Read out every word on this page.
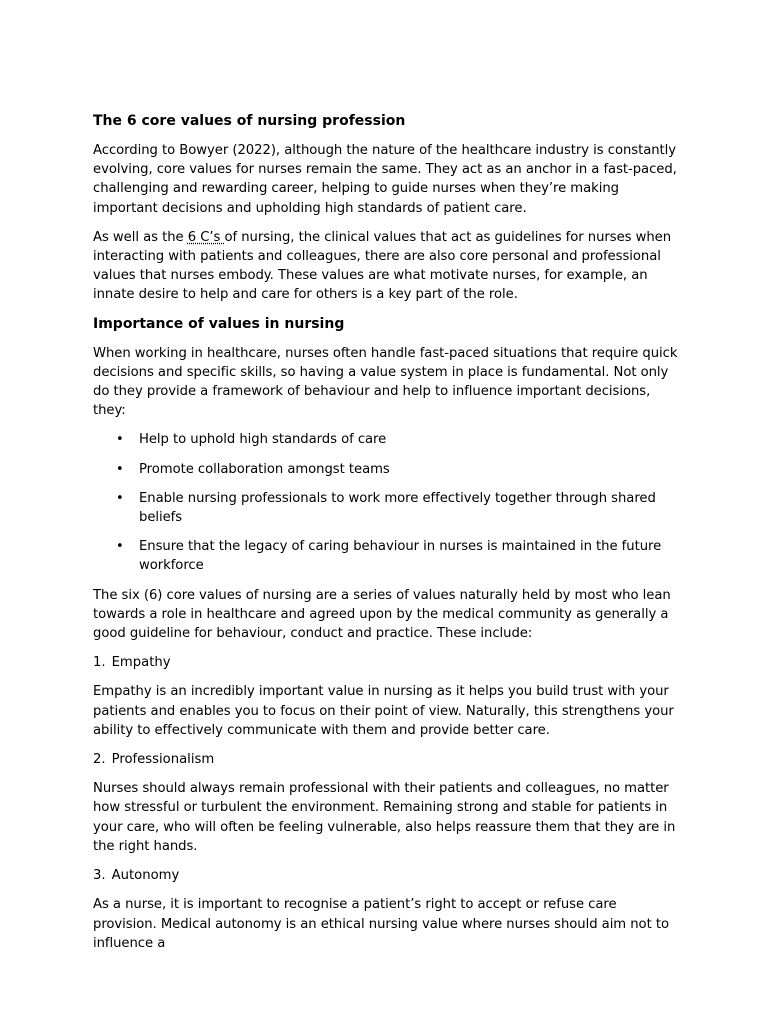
The 6 core values of nursing profession

According to Bowyer (2022), although the nature of the healthcare industry is constantly evolving, core values for nurses remain the same. They act as an anchor in a fast-paced, challenging and rewarding career, helping to guide nurses when they’re making important decisions and upholding high standards of patient care.

As well as the 6 C’s of nursing, the clinical values that act as guidelines for nurses when interacting with patients and colleagues, there are also core personal and professional values that nurses embody. These values are what motivate nurses, for example, an innate desire to help and care for others is a key part of the role.

Importance of values in nursing

When working in healthcare, nurses often handle fast-paced situations that require quick decisions and specific skills, so having a value system in place is fundamental. Not only do they provide a framework of behaviour and help to influence important decisions, they:

• Help to uphold high standards of care
• Promote collaboration amongst teams
• Enable nursing professionals to work more effectively together through shared beliefs
• Ensure that the legacy of caring behaviour in nurses is maintained in the future workforce

The six (6) core values of nursing are a series of values naturally held by most who lean towards a role in healthcare and agreed upon by the medical community as generally a good guideline for behaviour, conduct and practice. These include:

1. Empathy

Empathy is an incredibly important value in nursing as it helps you build trust with your patients and enables you to focus on their point of view. Naturally, this strengthens your ability to effectively communicate with them and provide better care.

2. Professionalism

Nurses should always remain professional with their patients and colleagues, no matter how stressful or turbulent the environment. Remaining strong and stable for patients in your care, who will often be feeling vulnerable, also helps reassure them that they are in the right hands.

3. Autonomy

As a nurse, it is important to recognise a patient’s right to accept or refuse care provision. Medical autonomy is an ethical nursing value where nurses should aim not to influence a
